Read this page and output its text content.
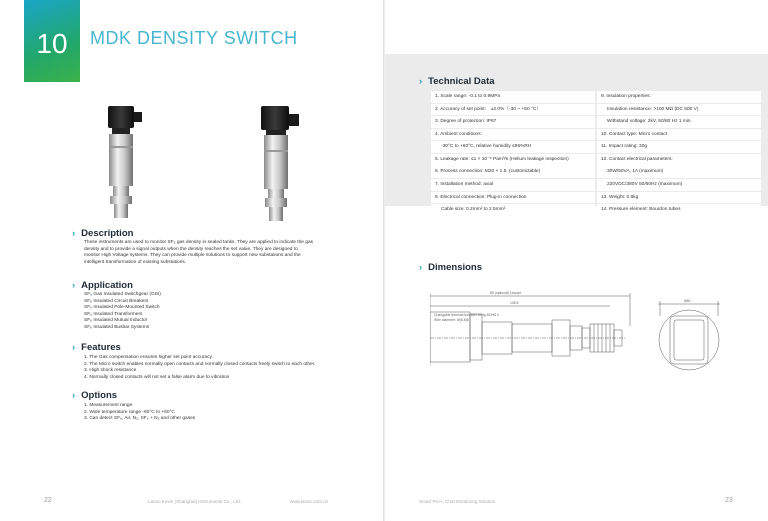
10	MDK DENSITY SWITCH
› Description
These instruments are used to monitor SF₆ gas density in sealed tanks. They are applied to indicate the gas
density and to provide a signal outputs when the density reaches the set value. They are designed to
monitor High Voltage systems. They can provide multiple solutions to support new substations and the
intelligent transformation of existing substations.
› Application
SF₆ Gas Insulated Switchgear (GIS)
SF₆ Insulated Circuit Breakers
SF₆ Insulated Pole-Mounted Switch
SF₆ Insulated Transformers
SF₆ Insulated Mutual Inductor
SF₆ Insulated Busbar Systems
› Features
1. The Gas compensation ensures higher set point accuracy.
2. The Micro switch enables normally open contacts and normally closed contacts freely switch to each other.
3. High shock resistance
4. Normally closed contacts will not set a false alarm due to vibration
› Options
1. Measurement range
2. Wide temperature range -60°C to +60°C
3. Can detect SF₆, Air, N₂, SF₆ + N₂ and other gases
22	Lanso Kexin (Shanghai) Instruments Co., Ltd.	www.lanso.com.cn
› Technical Data
1. Scale range: -0.1 to 0.9MPa	9. Insulation properties:
2. Accuracy of set point： ±2.0%（-30 ~ +50 °C）	Insulation resistance: >100 MΩ (DC 500 V)
3. Degree of protection: IP67	Withstand voltage: 2kV, 50/60 Hz 1 min
4. Ambient conditions:	10. Contact type: Micro contact
-30°C to +60°C, relative humidity ≤95%RH	11. Impact rating: 30g
5. Leakage rate: ≤1 × 10⁻⁸ Pam³/s (Helium leakage inspection)	12. Contact electrical parameters:
6. Process connection: M20 × 1.5, (customizable)	30W/50VA, 1A (maximum)
7. Installation method: axial	220VDC/380V 50/60Hz (maximum)
8. Electrical connection: Plug-in connection	13. Weight: 0.8kg
Cable size: 0.2mm² to 2.5mm²	14. Pressure element: Bourdon tubes
› Dimensions
85 (optional) 1equipt
148.6
Changable terminal box with fixing BOHS II
Wire diameter: Ø(5-8)6
Ø60
Smart Pro-t, Chat Monitoring Solution	23
